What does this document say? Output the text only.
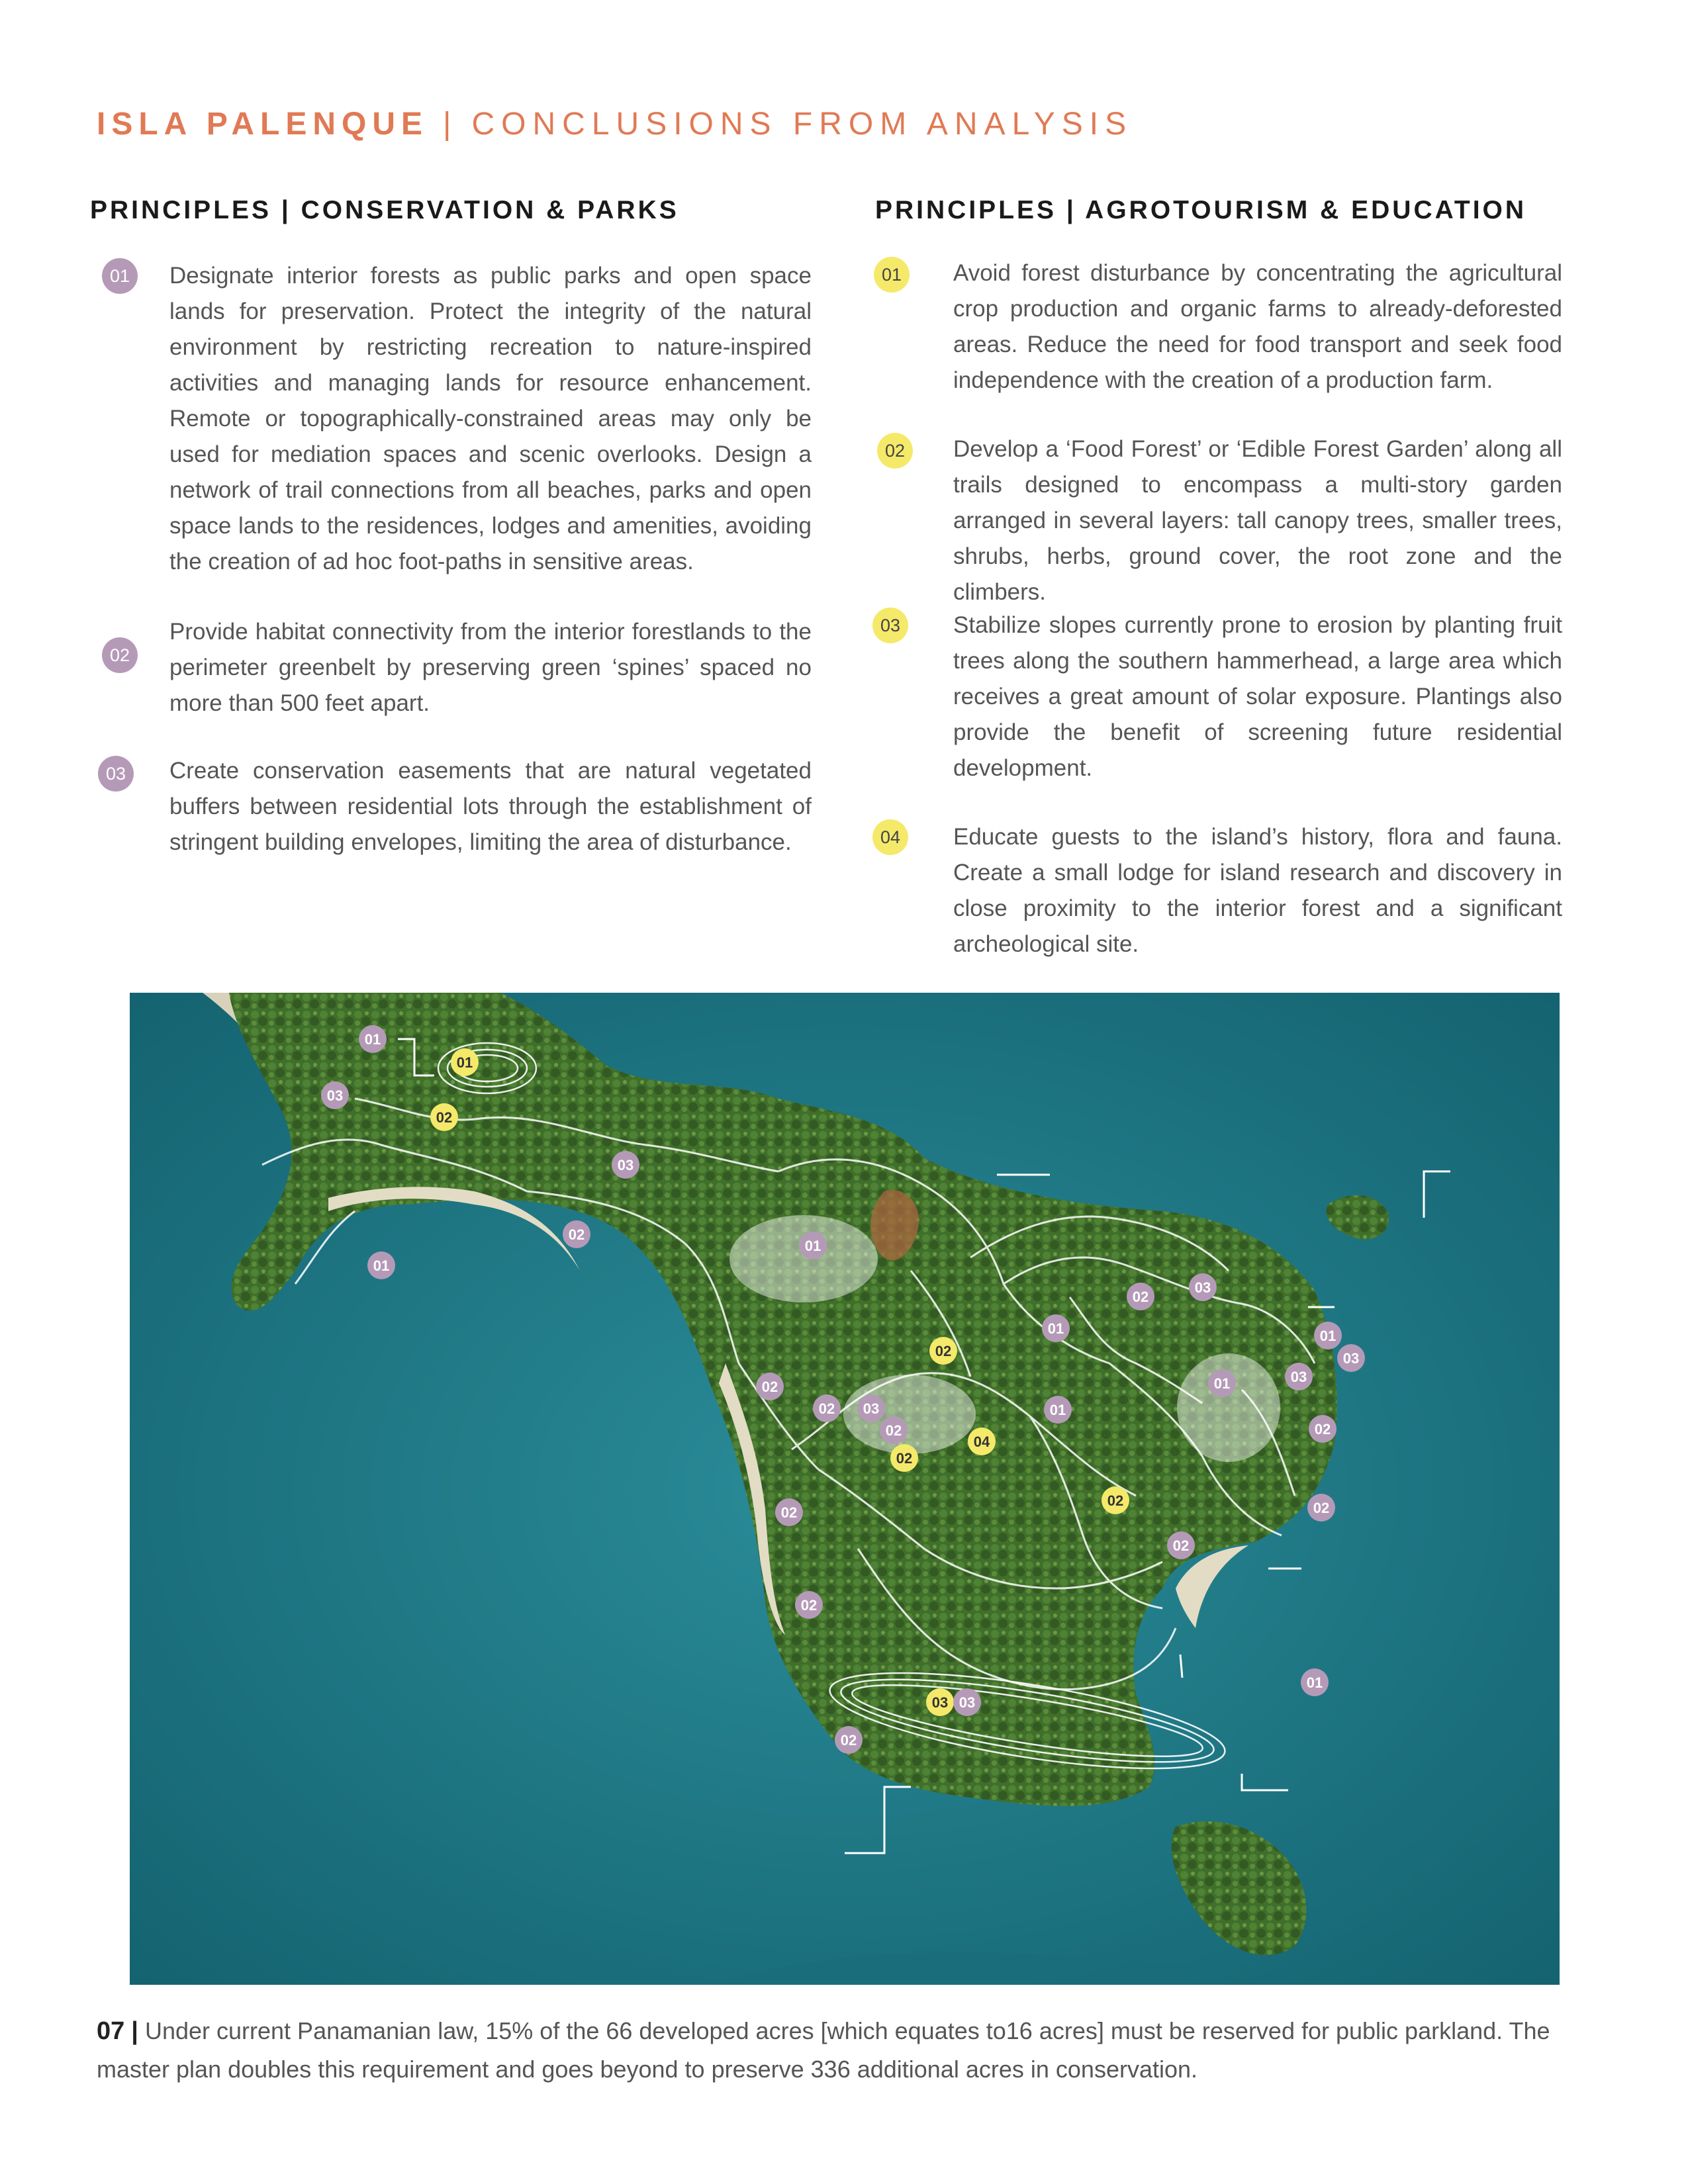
ISLA PALENQUE | CONCLUSIONS FROM ANALYSIS
PRINCIPLES | CONSERVATION & PARKS
01	Designate interior forests as public parks and open space lands for preservation. Protect the integrity of the natural environment by restricting recreation to nature-inspired activities and managing lands for resource enhancement. Remote or topographically-constrained areas may only be used for mediation spaces and scenic overlooks. Design a network of trail connections from all beaches, parks and open space lands to the residences, lodges and amenities, avoiding the creation of ad hoc foot-paths in sensitive areas.
02
Provide habitat connectivity from the interior forestlands to the perimeter greenbelt by preserving green ‘spines’ spaced no more than 500 feet apart.
03	Create conservation easements that are natural vegetated buffers between residential lots through the establishment of stringent building envelopes, limiting the area of disturbance.
PRINCIPLES | AGROTOURISM & EDUCATION
01	Avoid forest disturbance by concentrating the agricultural crop production and organic farms to already-deforested areas. Reduce the need for food transport and seek food independence with the creation of a production farm.
02	Develop a ‘Food Forest’ or ‘Edible Forest Garden’ along all trails designed to encompass a multi-story garden arranged in several layers: tall canopy trees, smaller trees, shrubs, herbs, ground cover, the root zone and the climbers.
03	Stabilize slopes currently prone to erosion by planting fruit trees along the southern hammerhead, a large area which receives a great amount of solar exposure. Plantings also provide the benefit of screening future residential development.
04	Educate guests to the island’s history, flora and fauna. Create a small lodge for island research and discovery in close proximity to the interior forest and a significant archeological site.
01
01
03
02
03
02
01
02
01
02 03	01
02
02
01
02
03
01	03
02
04
01
03
02
02
02
02
02
02
03 03
01
02
07 | Under current Panamanian law, 15% of the 66 developed acres [which equates to16 acres] must be reserved for public parkland. The master plan doubles this requirement and goes beyond to preserve 336 additional acres in conservation.
